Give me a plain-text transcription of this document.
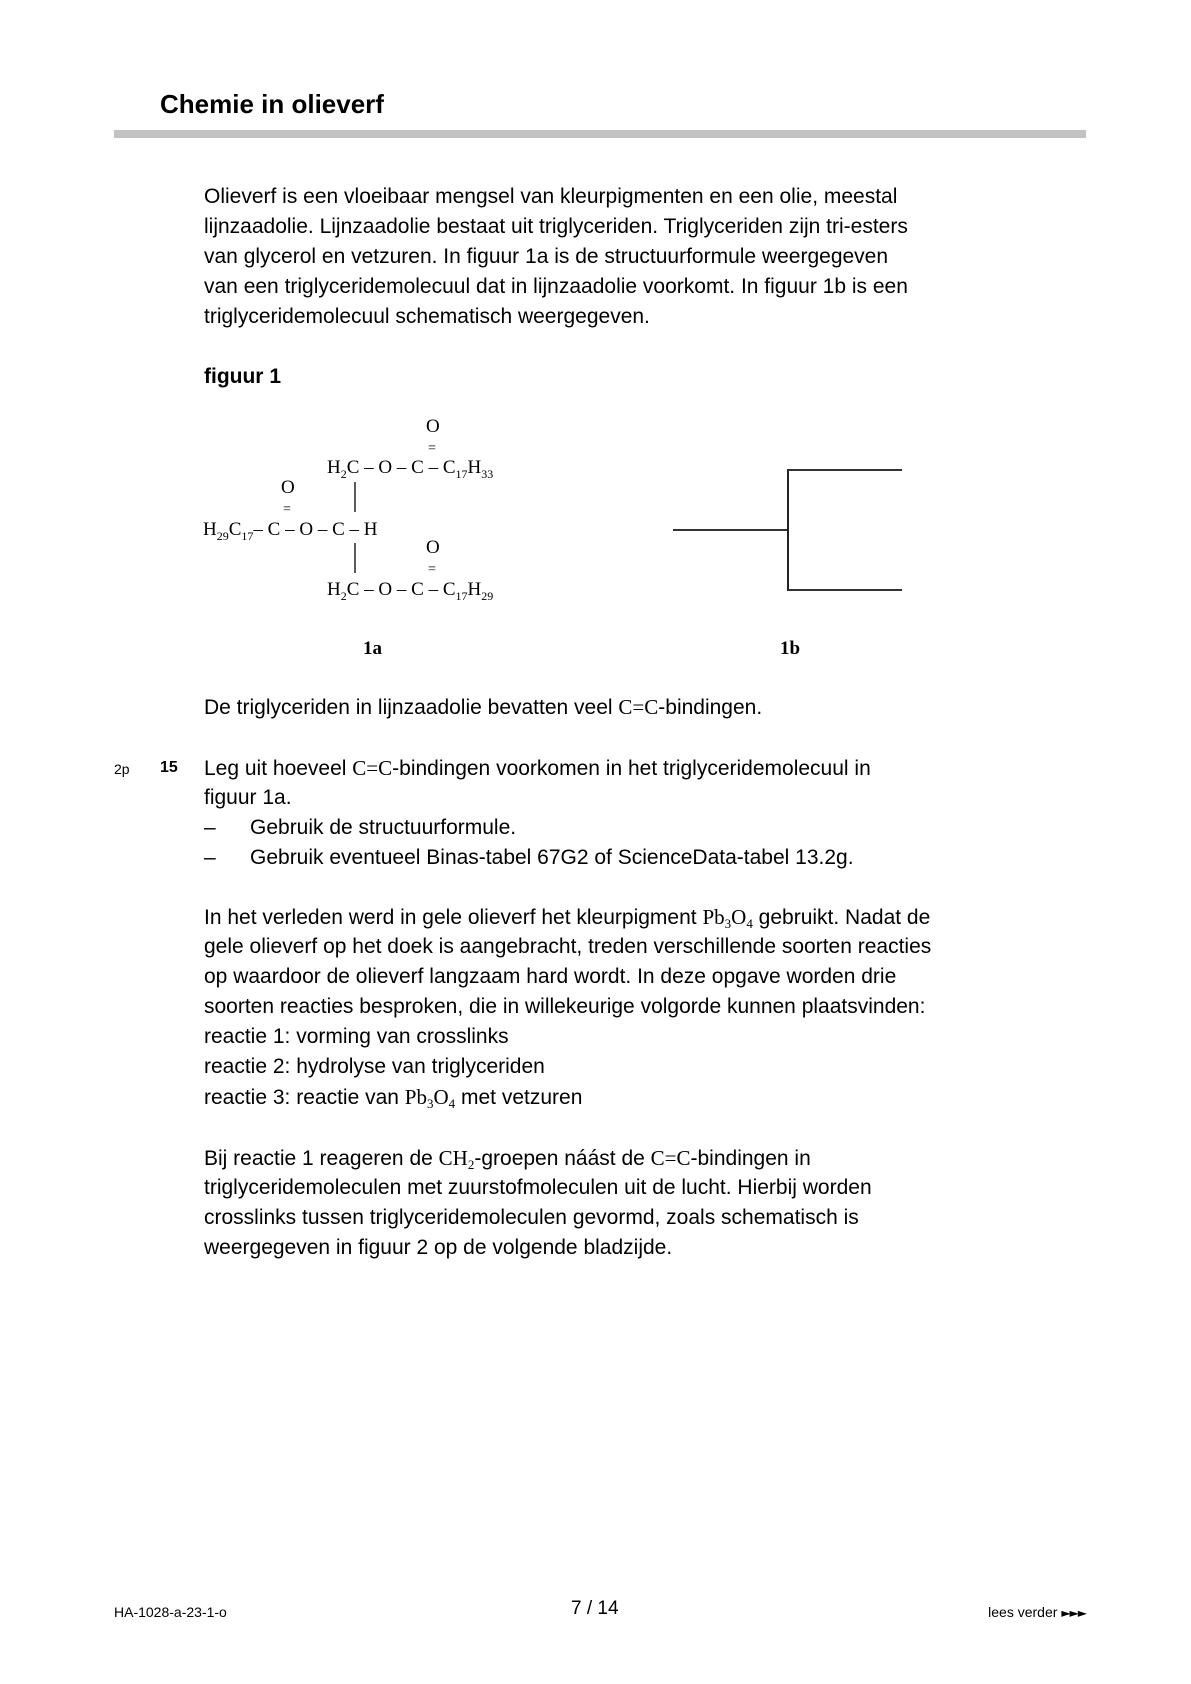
Chemie in olieverf
Olieverf is een vloeibaar mengsel van kleurpigmenten en een olie, meestal
lijnzaadolie. Lijnzaadolie bestaat uit triglyceriden. Triglyceriden zijn tri-esters
van glycerol en vetzuren. In figuur 1a is de structuurformule weergegeven
van een triglyceridemolecuul dat in lijnzaadolie voorkomt. In figuur 1b is een
triglyceridemolecuul schematisch weergegeven.
figuur 1
O
=
$H_2C$ – O – C – $C_{17}H_{33}$
O
=
$H_{29}C_{17}-$ C – O – C – H
O
=
$H_2C$ – O – C – $C_{17}H_{29}$
1a	1b
De triglyceriden in lijnzaadolie bevatten veel C=C-bindingen.
2p 15 Leg uit hoeveel C=C-bindingen voorkomen in het triglyceridemolecuul in
figuur 1a.
– Gebruik de structuurformule.
– Gebruik eventueel Binas-tabel 67G2 of ScienceData-tabel 13.2g.
In het verleden werd in gele olieverf het kleurpigment $Pb_3O_4$ gebruikt. Nadat de
gele olieverf op het doek is aangebracht, treden verschillende soorten reacties
op waardoor de olieverf langzaam hard wordt. In deze opgave worden drie
soorten reacties besproken, die in willekeurige volgorde kunnen plaatsvinden:
reactie 1: vorming van crosslinks
reactie 2: hydrolyse van triglyceriden
reactie 3: reactie van $Pb_3O_4$ met vetzuren
Bij reactie 1 reageren de $CH_2$-groepen náást de C=C-bindingen in
triglyceridemoleculen met zuurstofmoleculen uit de lucht. Hierbij worden
crosslinks tussen triglyceridemoleculen gevormd, zoals schematisch is
weergegeven in figuur 2 op de volgende bladzijde.
HA-1028-a-23-1-o	7 / 14	lees verder ►►►
